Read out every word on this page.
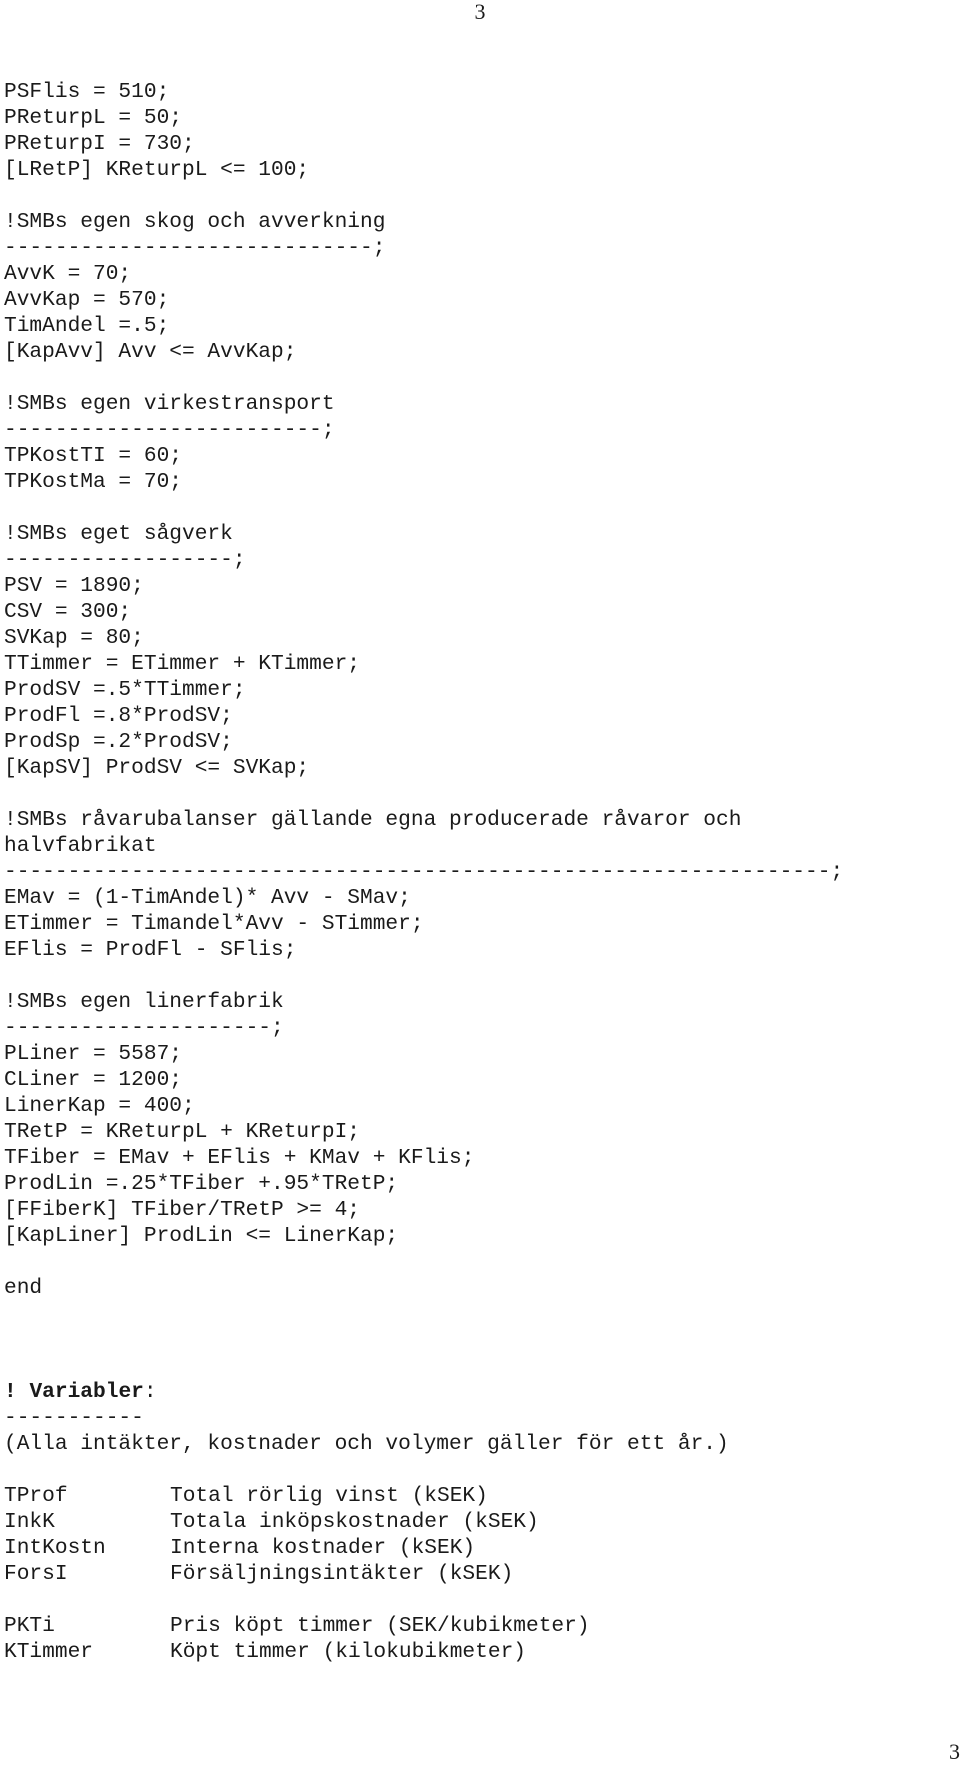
3
PSFlis = 510;
PReturpL = 50;
PReturpI = 730;
[LRetP] KReturpL <= 100;
!SMBs egen skog och avverkning
-----------------------------;
AvvK = 70;
AvvKap = 570;
TimAndel =.5;
[KapAvv] Avv <= AvvKap;
!SMBs egen virkestransport
-------------------------;
TPKostTI = 60;
TPKostMa = 70;
!SMBs eget sågverk
------------------;
PSV = 1890;
CSV = 300;
SVKap = 80;
TTimmer = ETimmer + KTimmer;
ProdSV =.5*TTimmer;
ProdFl =.8*ProdSV;
ProdSp =.2*ProdSV;
[KapSV] ProdSV <= SVKap;
!SMBs råvarubalanser gällande egna producerade råvaror och
halvfabrikat
-----------------------------------------------------------------;
EMav = (1-TimAndel)* Avv - SMav;
ETimmer = Timandel*Avv - STimmer;
EFlis = ProdFl - SFlis;
!SMBs egen linerfabrik
---------------------;
PLiner = 5587;
CLiner = 1200;
LinerKap = 400;
TRetP = KReturpL + KReturpI;
TFiber = EMav + EFlis + KMav + KFlis;
ProdLin =.25*TFiber +.95*TRetP;
[FFiberK] TFiber/TRetP >= 4;
[KapLiner] ProdLin <= LinerKap;
end
! Variabler:
-----------
(Alla intäkter, kostnader och volymer gäller för ett år.)
TProf	Total rörlig vinst (kSEK)
InkK	Totala inköpskostnader (kSEK)
IntKostn	Interna kostnader (kSEK)
ForsI	Försäljningsintäkter (kSEK)
PKTi	Pris köpt timmer (SEK/kubikmeter)
KTimmer	Köpt timmer (kilokubikmeter)
3
